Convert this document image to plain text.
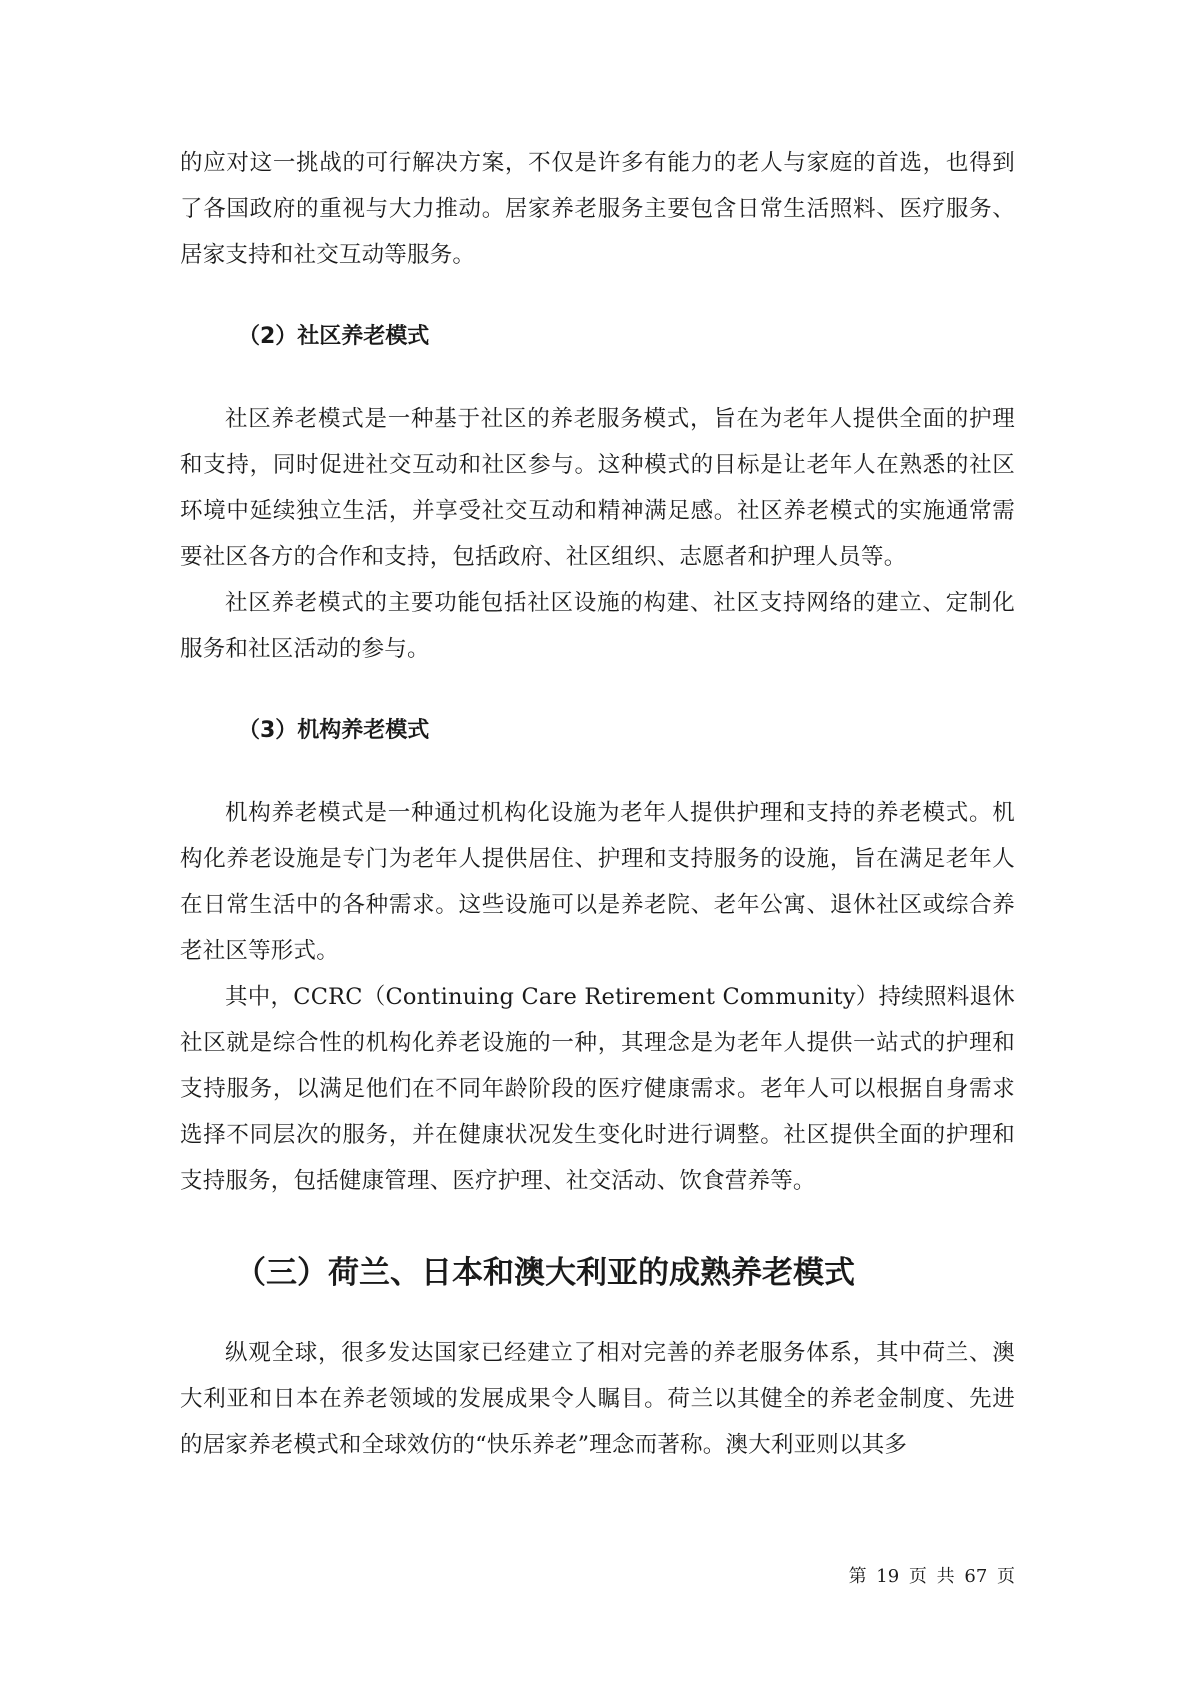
的应对这一挑战的可行解决方案，不仅是许多有能力的老人与家庭的首选，也得到了各国政府的重视与大力推动。居家养老服务主要包含日常生活照料、医疗服务、居家支持和社交互动等服务。

（2）社区养老模式

社区养老模式是一种基于社区的养老服务模式，旨在为老年人提供全面的护理和支持，同时促进社交互动和社区参与。这种模式的目标是让老年人在熟悉的社区环境中延续独立生活，并享受社交互动和精神满足感。社区养老模式的实施通常需要社区各方的合作和支持，包括政府、社区组织、志愿者和护理人员等。

社区养老模式的主要功能包括社区设施的构建、社区支持网络的建立、定制化服务和社区活动的参与。

（3）机构养老模式

机构养老模式是一种通过机构化设施为老年人提供护理和支持的养老模式。机构化养老设施是专门为老年人提供居住、护理和支持服务的设施，旨在满足老年人在日常生活中的各种需求。这些设施可以是养老院、老年公寓、退休社区或综合养老社区等形式。

其中，CCRC（Continuing Care Retirement Community）持续照料退休社区就是综合性的机构化养老设施的一种，其理念是为老年人提供一站式的护理和支持服务，以满足他们在不同年龄阶段的医疗健康需求。老年人可以根据自身需求选择不同层次的服务，并在健康状况发生变化时进行调整。社区提供全面的护理和支持服务，包括健康管理、医疗护理、社交活动、饮食营养等。

（三）荷兰、日本和澳大利亚的成熟养老模式

纵观全球，很多发达国家已经建立了相对完善的养老服务体系，其中荷兰、澳大利亚和日本在养老领域的发展成果令人瞩目。荷兰以其健全的养老金制度、先进的居家养老模式和全球效仿的“快乐养老”理念而著称。澳大利亚则以其多

第 19 页 共 67 页
